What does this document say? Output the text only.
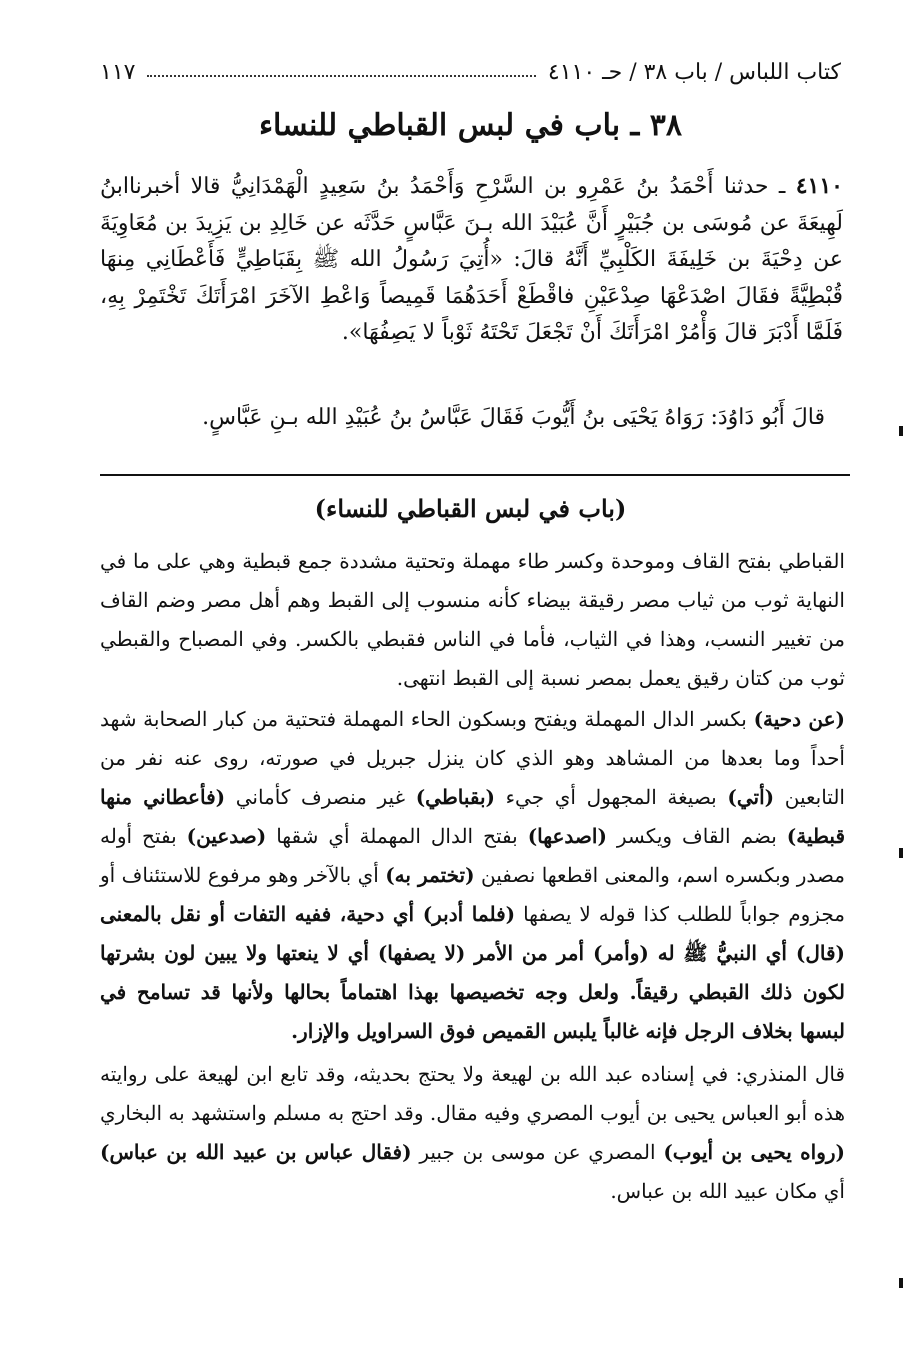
كتاب اللباس / باب ٣٨ / حـ ٤١١٠
١١٧
٣٨ ـ باب في لبس القباطي للنساء
٤١١٠ ـ حدثنا أَحْمَدُ بنُ عَمْرِو بن السَّرْحِ وَأَحْمَدُ بنُ سَعِيدٍ الْهَمْدَانِيُّ قالا أخبرناابنُ لَهِيعَةَ عن مُوسَى بن جُبَيْرٍ أَنَّ عُبَيْدَ الله بـنَ عَبَّاسٍ حَدَّثَه عن خَالِدِ بن يَزِيدَ بن مُعَاوِيَةَ عن دِحْيَةَ بن خَلِيفَةَ الكَلْبِيِّ أَنَّهُ قالَ: «أُتِيَ رَسُولُ الله ﷺ بِقَبَاطِيٍّ فَأَعْطَانِي مِنهَا قُبْطِيَّةً فقَالَ اصْدَعْهَا صِدْعَيْنِ فاقْطَعْ أَحَدَهُمَا قَمِيصاً وَاعْطِ الآخَرَ امْرَأَتَكَ تَخْتَمِرْ بِهِ، فَلَمَّا أَدْبَرَ قالَ وَأْمُرْ امْرَأَتَكَ أَنْ تَجْعَلَ تَحْتَهُ ثَوْباً لا يَصِفُهَا».
قالَ أَبُو دَاوُدَ: رَوَاهُ يَحْيَى بنُ أَيُّوبَ فَقَالَ عَبَّاسُ بنُ عُبَيْدِ الله بـنِ عَبَّاسٍ.
(باب في لبس القباطي للنساء)
القباطي بفتح القاف وموحدة وكسر طاء مهملة وتحتية مشددة جمع قبطية وهي على ما في النهاية ثوب من ثياب مصر رقيقة بيضاء كأنه منسوب إلى القبط وهم أهل مصر وضم القاف من تغيير النسب، وهذا في الثياب، فأما في الناس فقبطي بالكسر. وفي المصباح والقبطي ثوب من كتان رقيق يعمل بمصر نسبة إلى القبط انتهى.
(عن دحية) بكسر الدال المهملة ويفتح وبسكون الحاء المهملة فتحتية من كبار الصحابة شهد أحداً وما بعدها من المشاهد وهو الذي كان ينزل جبريل في صورته، روى عنه نفر من التابعين (أتي) بصيغة المجهول أي جيء (بقباطي) غير منصرف كأماني (فأعطاني منها قبطية) بضم القاف ويكسر (اصدعها) بفتح الدال المهملة أي شقها (صدعين) بفتح أوله مصدر وبكسره اسم، والمعنى اقطعها نصفين (تختمر به) أي بالآخر وهو مرفوع للاستئناف أو مجزوم جواباً للطلب كذا قوله لا يصفها (فلما أدبر) أي دحية، ففيه التفات أو نقل بالمعنى (قال) أي النبيُّ ﷺ له (وأمر) أمر من الأمر (لا يصفها) أي لا ينعتها ولا يبين لون بشرتها لكون ذلك القبطي رقيقاً. ولعل وجه تخصيصها بهذا اهتماماً بحالها ولأنها قد تسامح في لبسها بخلاف الرجل فإنه غالباً يلبس القميص فوق السراويل والإزار.
قال المنذري: في إسناده عبد الله بن لهيعة ولا يحتج بحديثه، وقد تابع ابن لهيعة على روايته هذه أبو العباس يحيى بن أيوب المصري وفيه مقال. وقد احتج به مسلم واستشهد به البخاري (رواه يحيى بن أيوب) المصري عن موسى بن جبير (فقال عباس بن عبيد الله بن عباس) أي مكان عبيد الله بن عباس.
